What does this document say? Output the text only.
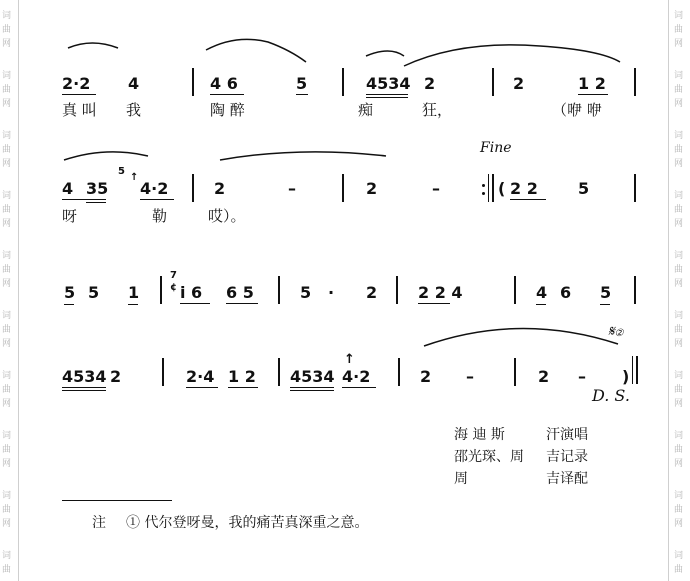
词
曲
网
词
曲
网
词
曲
网
词
曲
网
词
曲
网
词
曲
网
词
曲
网
词
曲
网
词
曲
网
词
曲
词
曲
网
词
曲
网
词
曲
网
词
曲
网
词
曲
网
词
曲
网
词
曲
网
词
曲
网
词
曲
网
词
曲
2·2 4	4 6	5	4534 2	2	1 2
真 叫 我	陶 醉	痴	狂，	（咿 咿
5
↑
4 35 4·2	2	–	2	–
Fine
( 2 2	5
呀	勒	哎）。
5 5 1
7
¢ i 6 6 5	5 · 2	2 2 4	4 6 5
4534 2	2·4 1 2 4534
↑
4·2	2 –	2 – )
𝄋②
D. S.
海 迪 斯	汗演唱
邵光琛、周 吉记录
周	吉译配
注 ① 代尔登呀曼，我的痛苦真深重之意。
